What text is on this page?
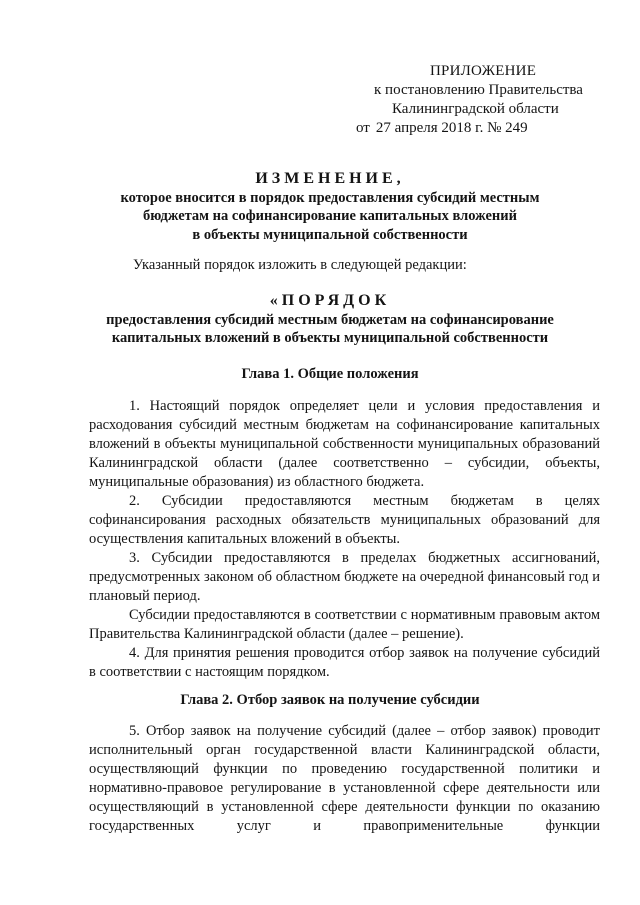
ПРИЛОЖЕНИЕ
к постановлению Правительства
Калининградской области
от 27 апреля 2018 г. № 249
ИЗМЕНЕНИЕ,
которое вносится в порядок предоставления субсидий местным
бюджетам на софинансирование капитальных вложений
в объекты муниципальной собственности
Указанный порядок изложить в следующей редакции:
«ПОРЯДОК
предоставления субсидий местным бюджетам на софинансирование
капитальных вложений в объекты муниципальной собственности
Глава 1. Общие положения

1. Настоящий порядок определяет цели и условия предоставления и расходования субсидий местным бюджетам на софинансирование капитальных вложений в объекты муниципальной собственности муниципальных образований Калининградской области (далее соответственно – субсидии, объекты, муниципальные образования) из областного бюджета.

2. Субсидии предоставляются местным бюджетам в целях софинансирования расходных обязательств муниципальных образований для осуществления капитальных вложений в объекты.

3. Субсидии предоставляются в пределах бюджетных ассигнований, предусмотренных законом об областном бюджете на очередной финансовый год и плановый период.

Субсидии предоставляются в соответствии с нормативным правовым актом Правительства Калининградской области (далее – решение).

4. Для принятия решения проводится отбор заявок на получение субсидий в соответствии с настоящим порядком.

Глава 2. Отбор заявок на получение субсидии

5. Отбор заявок на получение субсидий (далее – отбор заявок) проводит исполнительный орган государственной власти Калининградской области, осуществляющий функции по проведению государственной политики и нормативно-правовое регулирование в установленной сфере деятельности или осуществляющий в установленной сфере деятельности функции по оказанию государственных услуг и правоприменительные функции
